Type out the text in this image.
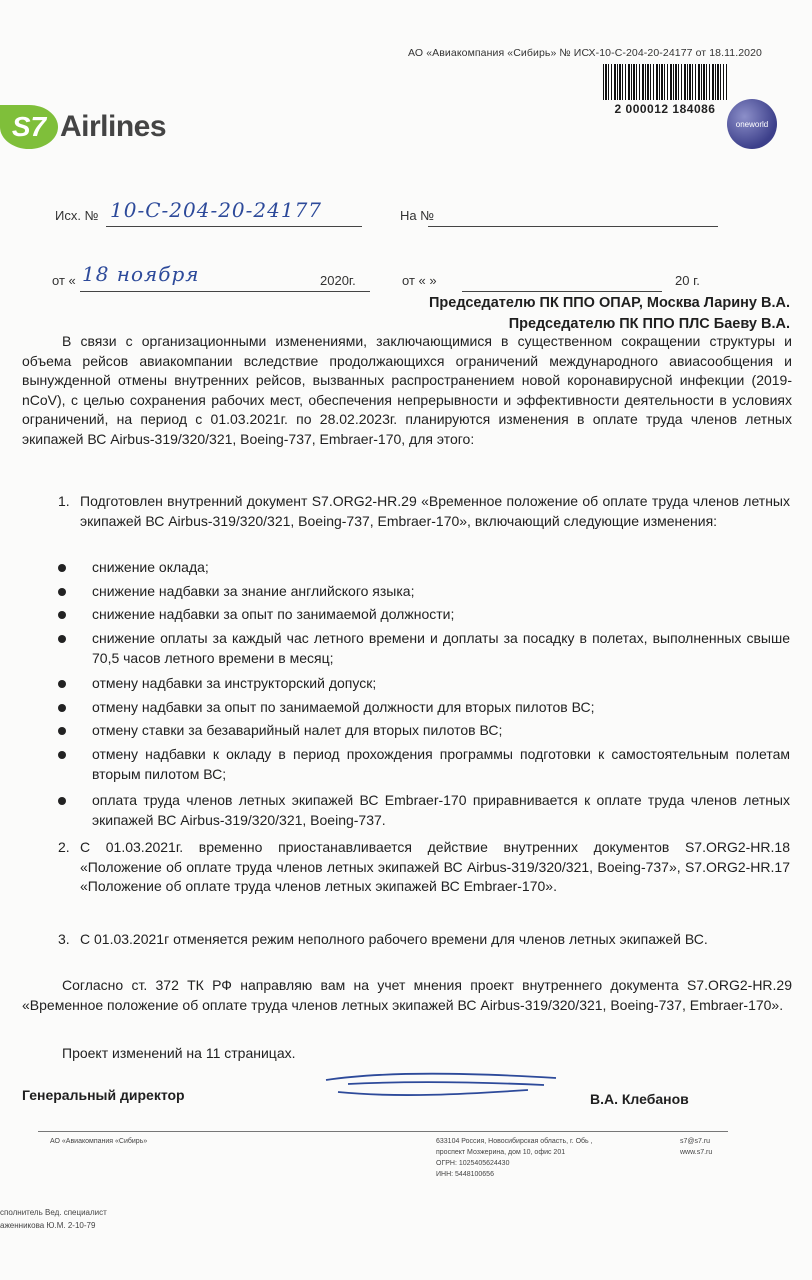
АО «Авиакомпания «Сибирь» № ИСХ-10-С-204-20-24177 от 18.11.2020
2 000012 184086
S7 Airlines	oneworld
Исх. № 10-С-204-20-24177	На №
от « 18 ноября	2020г.	от « »	20 г.
Председателю ПК ППО ОПАР, Москва Ларину В.А.
Председателю ПК ППО ПЛС Баеву В.А.
В связи с организационными изменениями, заключающимися в существенном сокращении структуры и объема рейсов авиакомпании вследствие продолжающихся ограничений международного авиасообщения и вынужденной отмены внутренних рейсов, вызванных распространением новой коронавирусной инфекции (2019-nCoV), с целью сохранения рабочих мест, обеспечения непрерывности и эффективности деятельности в условиях ограничений, на период с 01.03.2021г. по 28.02.2023г. планируются изменения в оплате труда членов летных экипажей ВС Airbus-319/320/321, Boeing-737, Embraer-170, для этого:
1. Подготовлен внутренний документ S7.ORG2-HR.29 «Временное положение об оплате труда членов летных экипажей ВС Airbus-319/320/321, Boeing-737, Embraer-170», включающий следующие изменения:
снижение оклада;
снижение надбавки за знание английского языка;
снижение надбавки за опыт по занимаемой должности;
снижение оплаты за каждый час летного времени и доплаты за посадку в полетах, выполненных свыше 70,5 часов летного времени в месяц;
отмену надбавки за инструкторский допуск;
отмену надбавки за опыт по занимаемой должности для вторых пилотов ВС;
отмену ставки за безаварийный налет для вторых пилотов ВС;
отмену надбавки к окладу в период прохождения программы подготовки к самостоятельным полетам вторым пилотом ВС;
оплата труда членов летных экипажей ВС Embraer-170 приравнивается к оплате труда членов летных экипажей ВС Airbus-319/320/321, Boeing-737.
2. С 01.03.2021г. временно приостанавливается действие внутренних документов S7.ORG2-HR.18 «Положение об оплате труда членов летных экипажей ВС Airbus-319/320/321, Boeing-737», S7.ORG2-HR.17 «Положение об оплате труда членов летных экипажей ВС Embraer-170».
3. С 01.03.2021г отменяется режим неполного рабочего времени для членов летных экипажей ВС.
Согласно ст. 372 ТК РФ направляю вам на учет мнения проект внутреннего документа S7.ORG2-HR.29 «Временное положение об оплате труда членов летных экипажей ВС Airbus-319/320/321, Boeing-737, Embraer-170».
Проект изменений на 11 страницах.
Генеральный директор	В.А. Клебанов
АО «Авиакомпания «Сибирь»	633104 Россия, Новосибирская область, г. Обь ,
проспект Мозжерина, дом 10, офис 201
ОГРН: 1025405624430
ИНН: 5448100656
s7@s7.ru
www.s7.ru
сполнитель Вед. специалист
аженникова Ю.М. 2-10-79
